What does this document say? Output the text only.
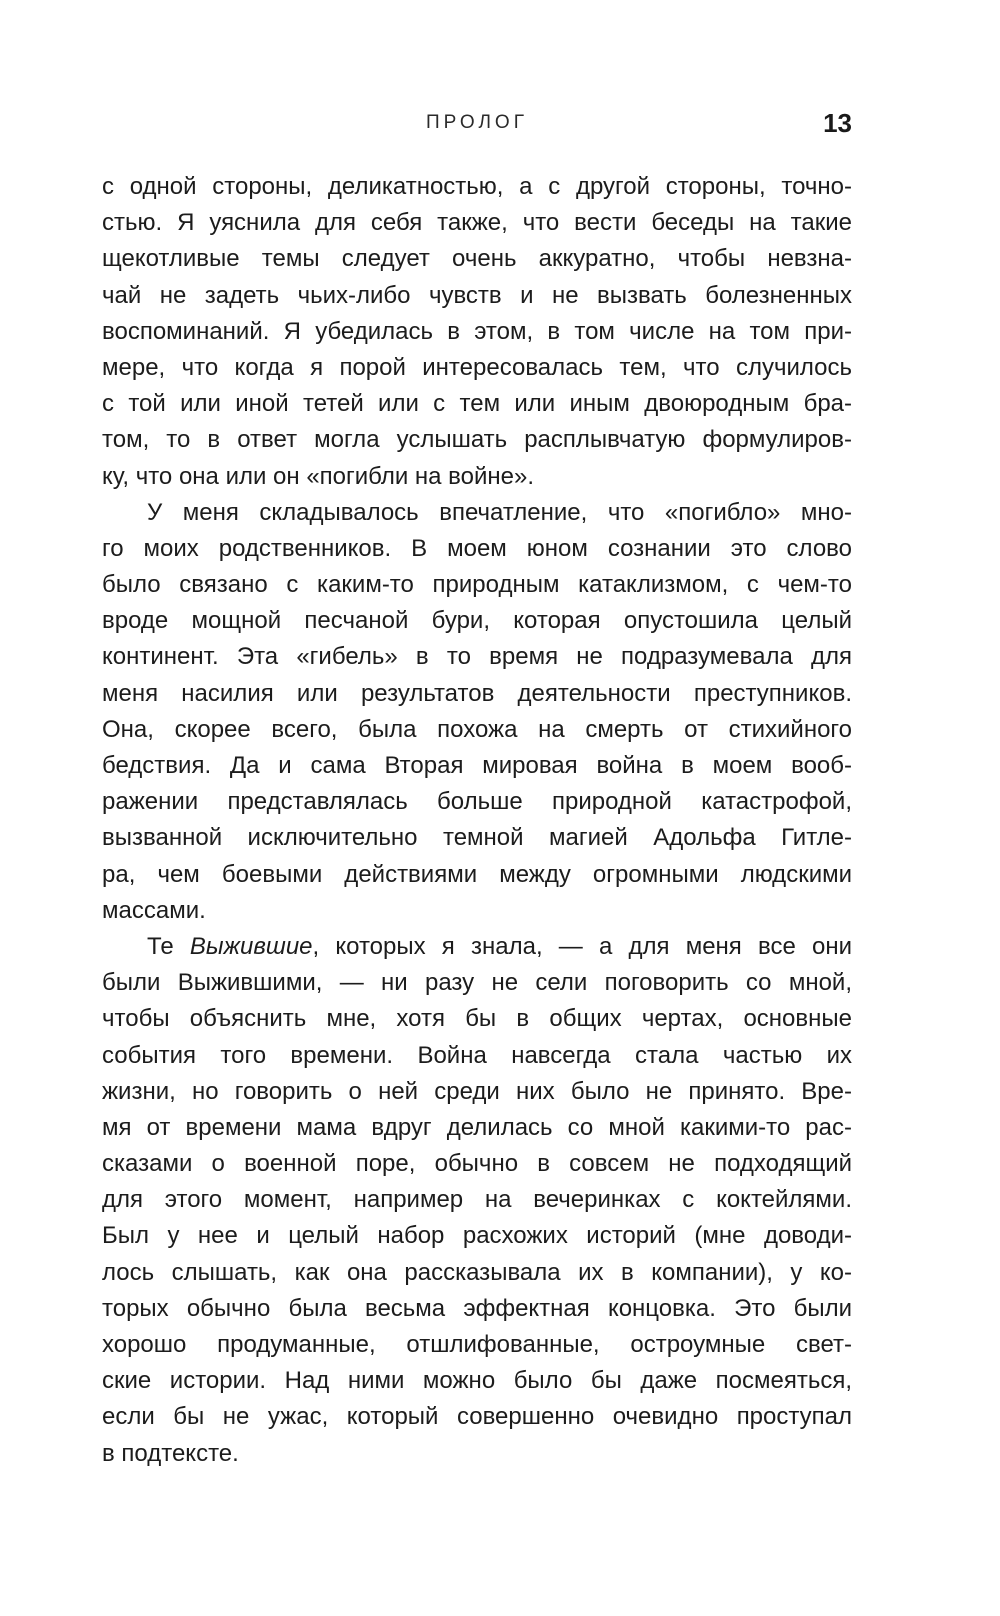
ПРОЛОГ	13
с одной стороны, деликатностью, а с другой стороны, точно-
стью. Я уяснила для себя также, что вести беседы на такие
щекотливые темы следует очень аккуратно, чтобы невзна-
чай не задеть чьих-либо чувств и не вызвать болезненных
воспоминаний. Я убедилась в этом, в том числе на том при-
мере, что когда я порой интересовалась тем, что случилось
с той или иной тетей или с тем или иным двоюродным бра-
том, то в ответ могла услышать расплывчатую формулиров-
ку, что она или он «погибли на войне».
У меня складывалось впечатление, что «погибло» мно-
го моих родственников. В моем юном сознании это слово
было связано с каким-то природным катаклизмом, с чем-то
вроде мощной песчаной бури, которая опустошила целый
континент. Эта «гибель» в то время не подразумевала для
меня насилия или результатов деятельности преступников.
Она, скорее всего, была похожа на смерть от стихийного
бедствия. Да и сама Вторая мировая война в моем вооб-
ражении представлялась больше природной катастрофой,
вызванной исключительно темной магией Адольфа Гитле-
ра, чем боевыми действиями между огромными людскими
массами.
Те Выжившие, которых я знала, — а для меня все они
были Выжившими, — ни разу не сели поговорить со мной,
чтобы объяснить мне, хотя бы в общих чертах, основные
события того времени. Война навсегда стала частью их
жизни, но говорить о ней среди них было не принято. Вре-
мя от времени мама вдруг делилась со мной какими-то рас-
сказами о военной поре, обычно в совсем не подходящий
для этого момент, например на вечеринках с коктейлями.
Был у нее и целый набор расхожих историй (мне доводи-
лось слышать, как она рассказывала их в компании), у ко-
торых обычно была весьма эффектная концовка. Это были
хорошо продуманные, отшлифованные, остроумные свет-
ские истории. Над ними можно было бы даже посмеяться,
если бы не ужас, который совершенно очевидно проступал
в подтексте.
